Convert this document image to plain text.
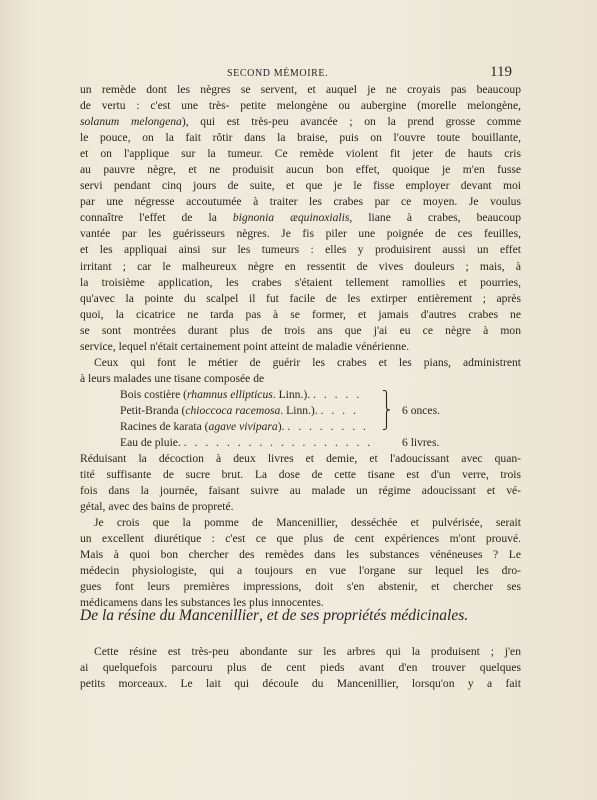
SECOND MÉMOIRE.	119
un remède dont les nègres se servent, et auquel je ne croyais pas beaucoup
de vertu : c'est une très- petite melongène ou aubergine (morelle melongène,
solanum melongena), qui est très-peu avancée ; on la prend grosse comme
le pouce, on la fait rôtir dans la braise, puis on l'ouvre toute bouillante,
et on l'applique sur la tumeur. Ce remède violent fit jeter de hauts cris
au pauvre nègre, et ne produisit aucun bon effet, quoique je m'en fusse
servi pendant cinq jours de suite, et que je le fisse employer devant moi
par une négresse accoutumée à traiter les crabes par ce moyen. Je voulus
connaître l'effet de la bignonia æquinoxialis, liane à crabes, beaucoup
vantée par les guérisseurs nègres. Je fis piler une poignée de ces feuilles,
et les appliquai ainsi sur les tumeurs : elles y produisirent aussi un effet
irritant ; car le malheureux nègre en ressentit de vives douleurs ; mais, à
la troisième application, les crabes s'étaient tellement ramollies et pourries,
qu'avec la pointe du scalpel il fut facile de les extirper entièrement ; après
quoi, la cicatrice ne tarda pas à se former, et jamais d'autres crabes ne
se sont montrées durant plus de trois ans que j'ai eu ce nègre à mon
service, lequel n'était certainement point atteint de maladie vénérienne.
Ceux qui font le métier de guérir les crabes et les pians, administrent
à leurs malades une tisane composée de
Bois costière (rhamnus ellipticus. Linn.). . . . . .
Petit-Branda (chioccoca racemosa. Linn.). . . . .
Racines de karata (agave vivipara). . . . . . . . .
⎫
⎬
⎭
6 onces.
Eau de pluie. . . . . . . . . . . . . . . . . . .	6 livres.
Réduisant la décoction à deux livres et demie, et l'adoucissant avec quan-
tité suffisante de sucre brut. La dose de cette tisane est d'un verre, trois
fois dans la journée, faisant suivre au malade un régime adoucissant et vé-
gétal, avec des bains de propreté.
Je crois que la pomme de Mancenillier, desséchée et pulvérisée, serait
un excellent diurétique : c'est ce que plus de cent expériences m'ont prouvé.
Mais à quoi bon chercher des remèdes dans les substances vénéneuses ? Le
médecin physiologiste, qui a toujours en vue l'organe sur lequel les dro-
gues font leurs premières impressions, doit s'en abstenir, et chercher ses
médicamens dans les substances les plus innocentes.
De la résine du Mancenillier, et de ses propriétés médicinales.
Cette résine est très-peu abondante sur les arbres qui la produisent ; j'en
ai quelquefois parcouru plus de cent pieds avant d'en trouver quelques
petits morceaux. Le lait qui découle du Mancenillier, lorsqu'on y a fait
